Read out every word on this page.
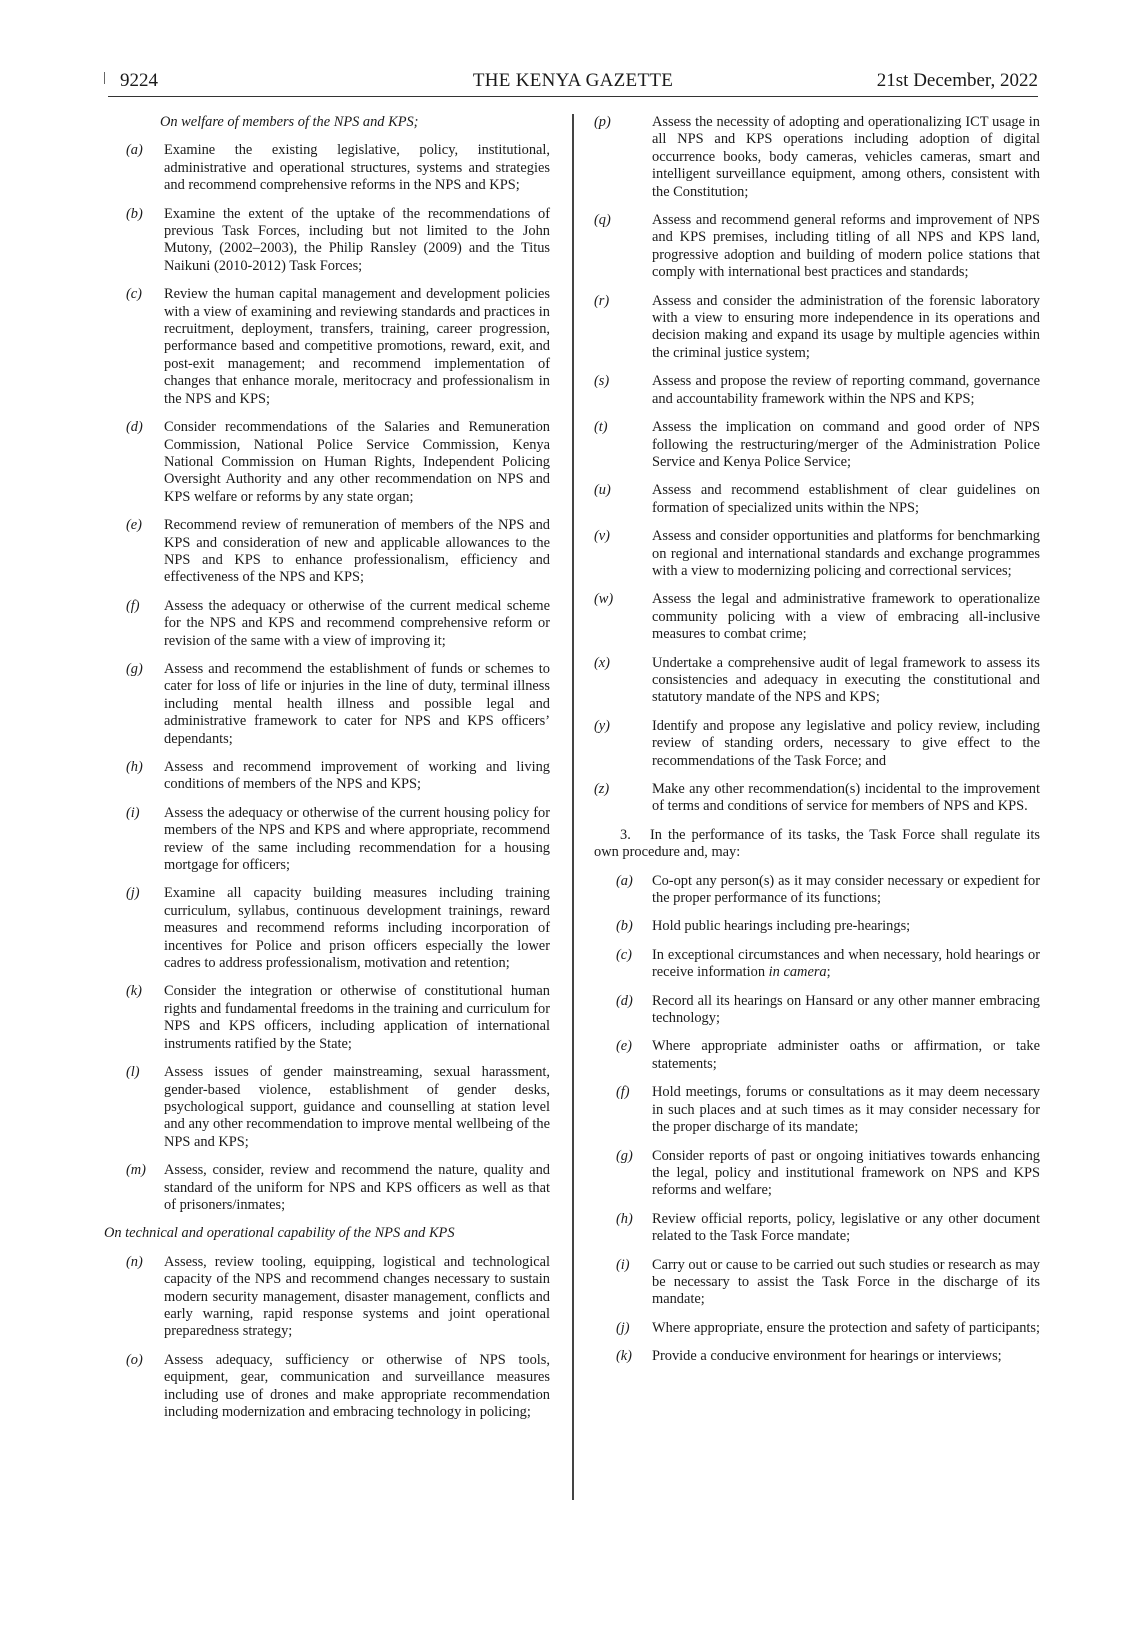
9224	THE KENYA GAZETTE	21st December, 2022
On welfare of members of the NPS and KPS;
(a) Examine the existing legislative, policy, institutional, administrative and operational structures, systems and strategies and recommend comprehensive reforms in the NPS and KPS;
(b) Examine the extent of the uptake of the recommendations of previous Task Forces, including but not limited to the John Mutony, (2002–2003), the Philip Ransley (2009) and the Titus Naikuni (2010-2012) Task Forces;
(c) Review the human capital management and development policies with a view of examining and reviewing standards and practices in recruitment, deployment, transfers, training, career progression, performance based and competitive promotions, reward, exit, and post-exit management; and recommend implementation of changes that enhance morale, meritocracy and professionalism in the NPS and KPS;
(d) Consider recommendations of the Salaries and Remuneration Commission, National Police Service Commission, Kenya National Commission on Human Rights, Independent Policing Oversight Authority and any other recommendation on NPS and KPS welfare or reforms by any state organ;
(e) Recommend review of remuneration of members of the NPS and KPS and consideration of new and applicable allowances to the NPS and KPS to enhance professionalism, efficiency and effectiveness of the NPS and KPS;
(f) Assess the adequacy or otherwise of the current medical scheme for the NPS and KPS and recommend comprehensive reform or revision of the same with a view of improving it;
(g) Assess and recommend the establishment of funds or schemes to cater for loss of life or injuries in the line of duty, terminal illness including mental health illness and possible legal and administrative framework to cater for NPS and KPS officers’ dependants;
(h) Assess and recommend improvement of working and living conditions of members of the NPS and KPS;
(i) Assess the adequacy or otherwise of the current housing policy for members of the NPS and KPS and where appropriate, recommend review of the same including recommendation for a housing mortgage for officers;
(j) Examine all capacity building measures including training curriculum, syllabus, continuous development trainings, reward measures and recommend reforms including incorporation of incentives for Police and prison officers especially the lower cadres to address professionalism, motivation and retention;
(k) Consider the integration or otherwise of constitutional human rights and fundamental freedoms in the training and curriculum for NPS and KPS officers, including application of international instruments ratified by the State;
(l) Assess issues of gender mainstreaming, sexual harassment, gender-based violence, establishment of gender desks, psychological support, guidance and counselling at station level and any other recommendation to improve mental wellbeing of the NPS and KPS;
(m) Assess, consider, review and recommend the nature, quality and standard of the uniform for NPS and KPS officers as well as that of prisoners/inmates;
On technical and operational capability of the NPS and KPS
(n) Assess, review tooling, equipping, logistical and technological capacity of the NPS and recommend changes necessary to sustain modern security management, disaster management, conflicts and early warning, rapid response systems and joint operational preparedness strategy;
(o) Assess adequacy, sufficiency or otherwise of NPS tools, equipment, gear, communication and surveillance measures including use of drones and make appropriate recommendation including modernization and embracing technology in policing;
(p)	Assess the necessity of adopting and operationalizing ICT usage in all NPS and KPS operations including adoption of digital occurrence books, body cameras, vehicles cameras, smart and intelligent surveillance equipment, among others, consistent with the Constitution;
(q)	Assess and recommend general reforms and improvement of NPS and KPS premises, including titling of all NPS and KPS land, progressive adoption and building of modern police stations that comply with international best practices and standards;
(r)	Assess and consider the administration of the forensic laboratory with a view to ensuring more independence in its operations and decision making and expand its usage by multiple agencies within the criminal justice system;
(s)	Assess and propose the review of reporting command, governance and accountability framework within the NPS and KPS;
(t)	Assess the implication on command and good order of NPS following the restructuring/merger of the Administration Police Service and Kenya Police Service;
(u)	Assess and recommend establishment of clear guidelines on formation of specialized units within the NPS;
(v)	Assess and consider opportunities and platforms for benchmarking on regional and international standards and exchange programmes with a view to modernizing policing and correctional services;
(w)	Assess the legal and administrative framework to operationalize community policing with a view of embracing all-inclusive measures to combat crime;
(x)	Undertake a comprehensive audit of legal framework to assess its consistencies and adequacy in executing the constitutional and statutory mandate of the NPS and KPS;
(y)	Identify and propose any legislative and policy review, including review of standing orders, necessary to give effect to the recommendations of the Task Force; and
(z)	Make any other recommendation(s) incidental to the improvement of terms and conditions of service for members of NPS and KPS.
3. In the performance of its tasks, the Task Force shall regulate its own procedure and, may:
(a) Co-opt any person(s) as it may consider necessary or expedient for the proper performance of its functions;
(b) Hold public hearings including pre-hearings;
(c) In exceptional circumstances and when necessary, hold hearings or receive information in camera;
(d) Record all its hearings on Hansard or any other manner embracing technology;
(e) Where appropriate administer oaths or affirmation, or take statements;
(f) Hold meetings, forums or consultations as it may deem necessary in such places and at such times as it may consider necessary for the proper discharge of its mandate;
(g) Consider reports of past or ongoing initiatives towards enhancing the legal, policy and institutional framework on NPS and KPS reforms and welfare;
(h) Review official reports, policy, legislative or any other document related to the Task Force mandate;
(i) Carry out or cause to be carried out such studies or research as may be necessary to assist the Task Force in the discharge of its mandate;
(j) Where appropriate, ensure the protection and safety of participants;
(k) Provide a conducive environment for hearings or interviews;
